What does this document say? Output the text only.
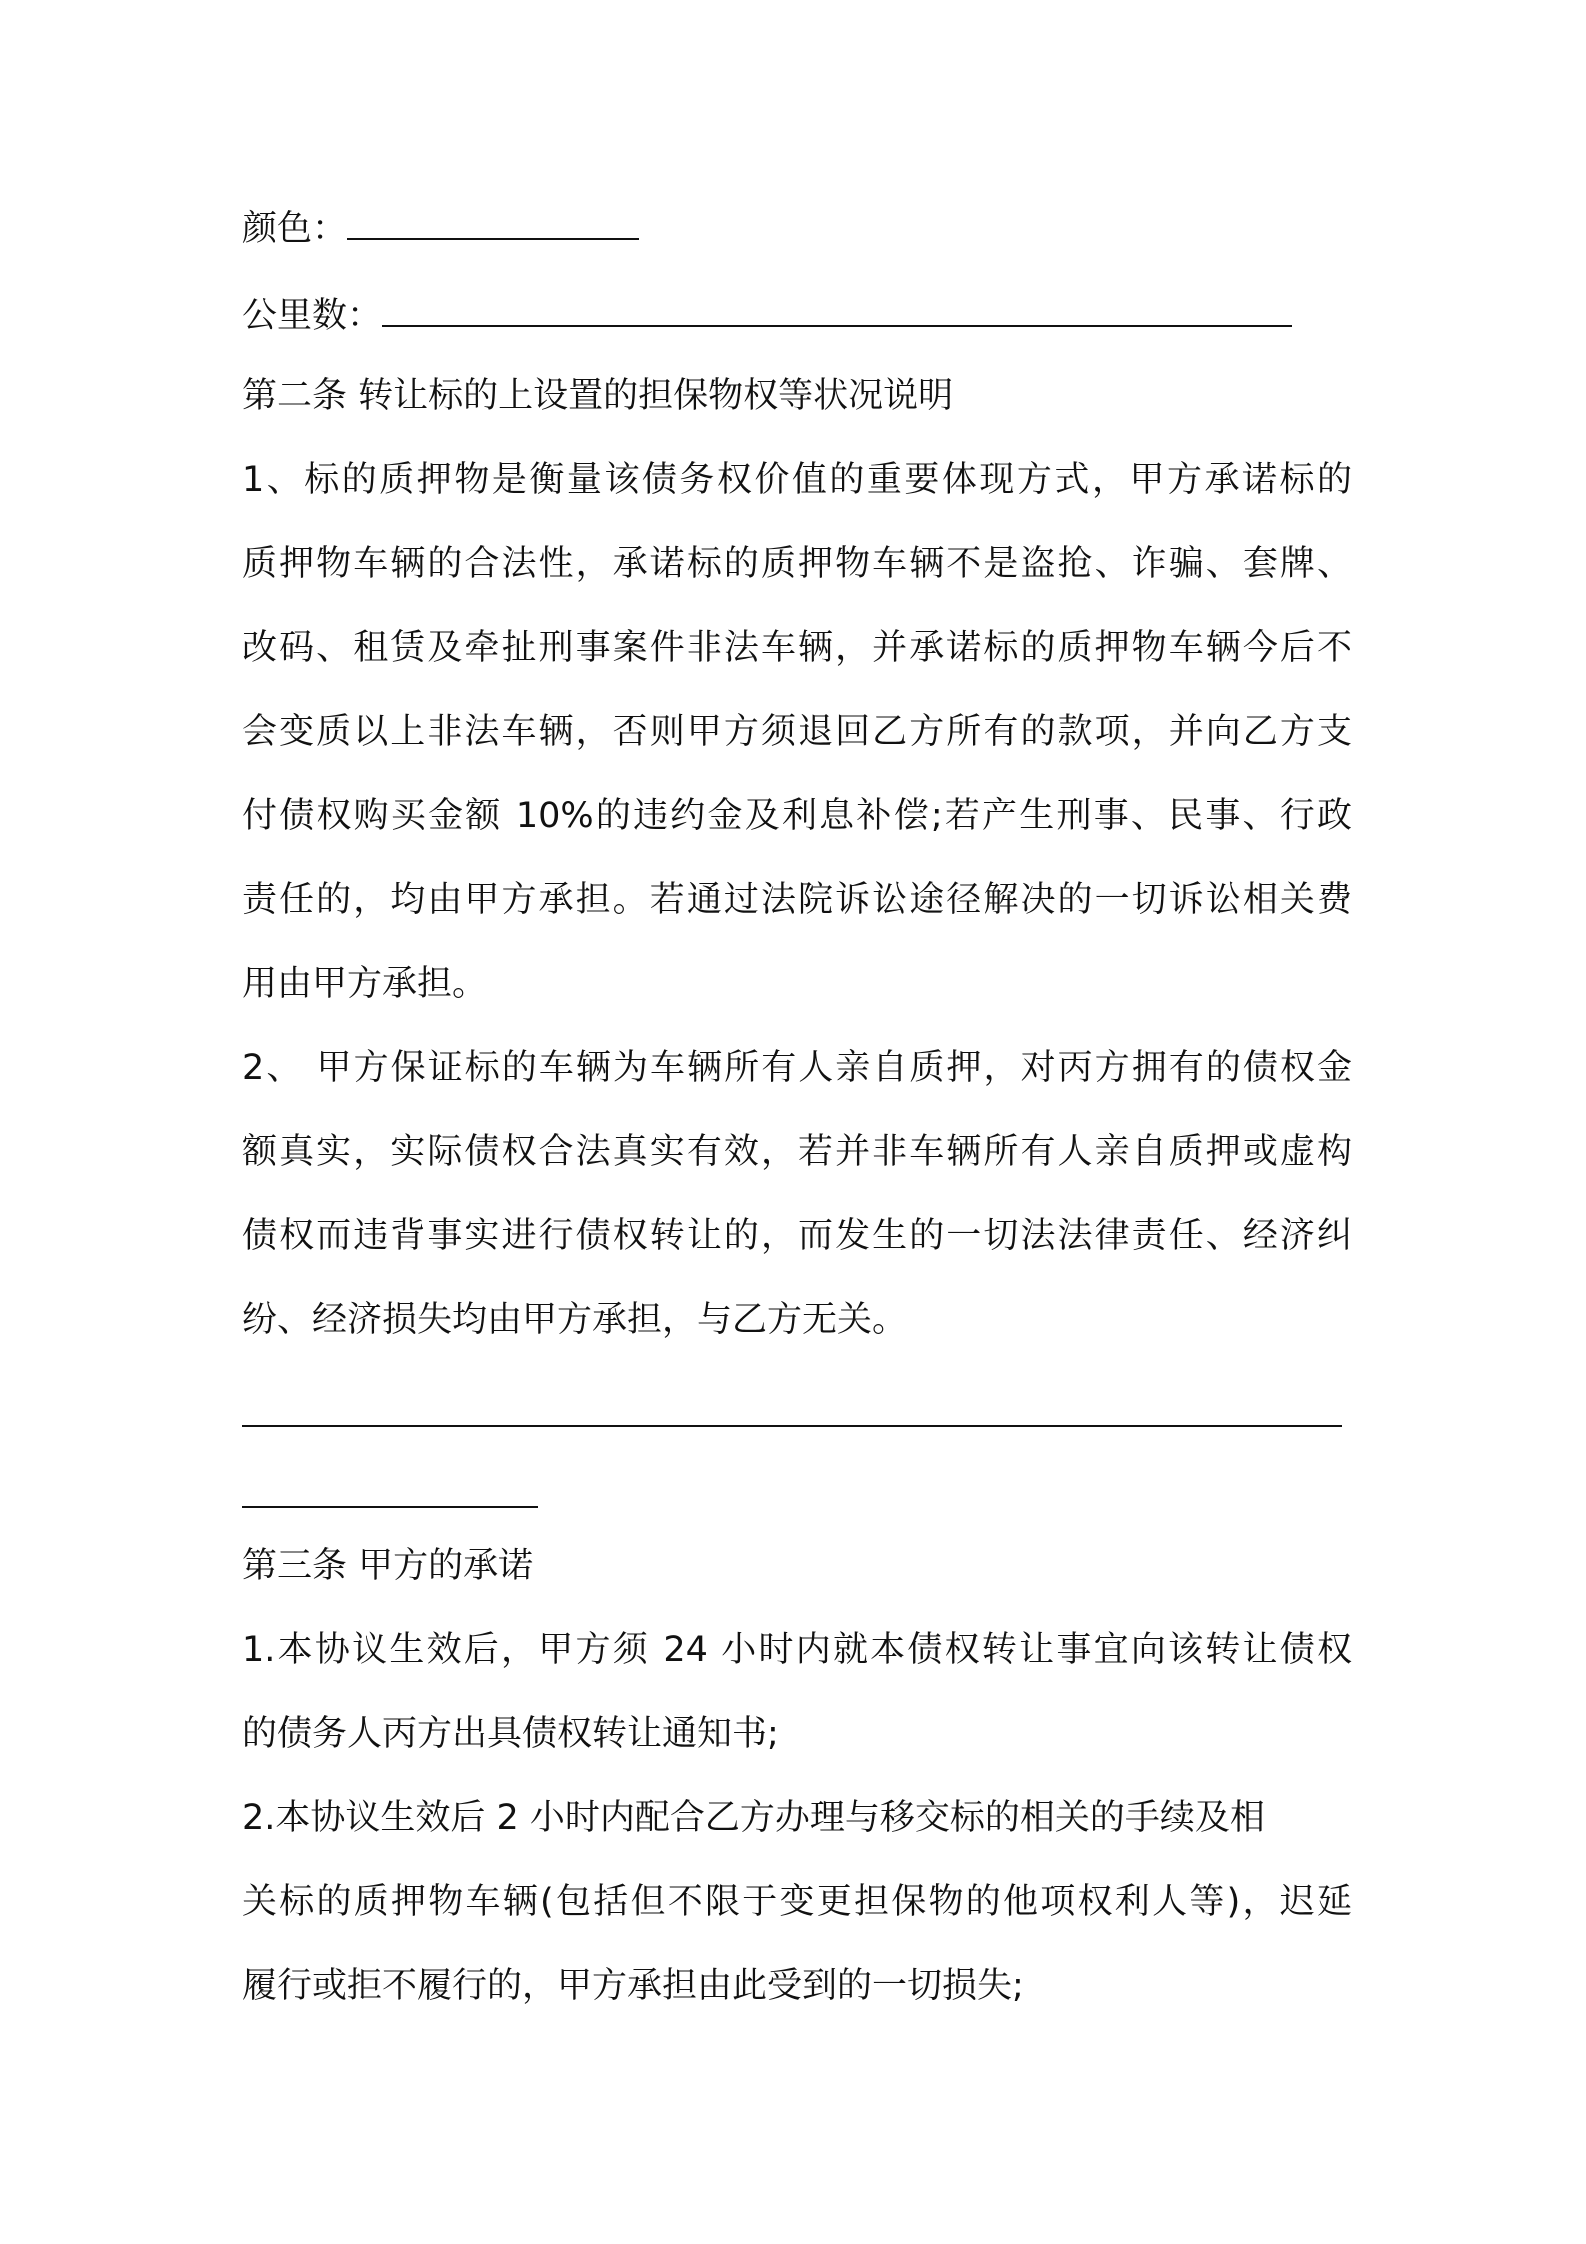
颜色：
公里数：
第二条 转让标的上设置的担保物权等状况说明
1、标的质押物是衡量该债务权价值的重要体现方式，甲方承诺标的
质押物车辆的合法性，承诺标的质押物车辆不是盗抢、诈骗、套牌、
改码、租赁及牵扯刑事案件非法车辆，并承诺标的质押物车辆今后不
会变质以上非法车辆，否则甲方须退回乙方所有的款项，并向乙方支
付债权购买金额 10%的违约金及利息补偿;若产生刑事、民事、行政
责任的，均由甲方承担。若通过法院诉讼途径解决的一切诉讼相关费
用由甲方承担。
2、 甲方保证标的车辆为车辆所有人亲自质押，对丙方拥有的债权金
额真实，实际债权合法真实有效，若并非车辆所有人亲自质押或虚构
债权而违背事实进行债权转让的，而发生的一切法法律责任、经济纠
纷、经济损失均由甲方承担，与乙方无关。
第三条 甲方的承诺
1.本协议生效后，甲方须 24 小时内就本债权转让事宜向该转让债权
的债务人丙方出具债权转让通知书;
2.本协议生效后 2 小时内配合乙方办理与移交标的相关的手续及相
关标的质押物车辆(包括但不限于变更担保物的他项权利人等)，迟延
履行或拒不履行的，甲方承担由此受到的一切损失;
